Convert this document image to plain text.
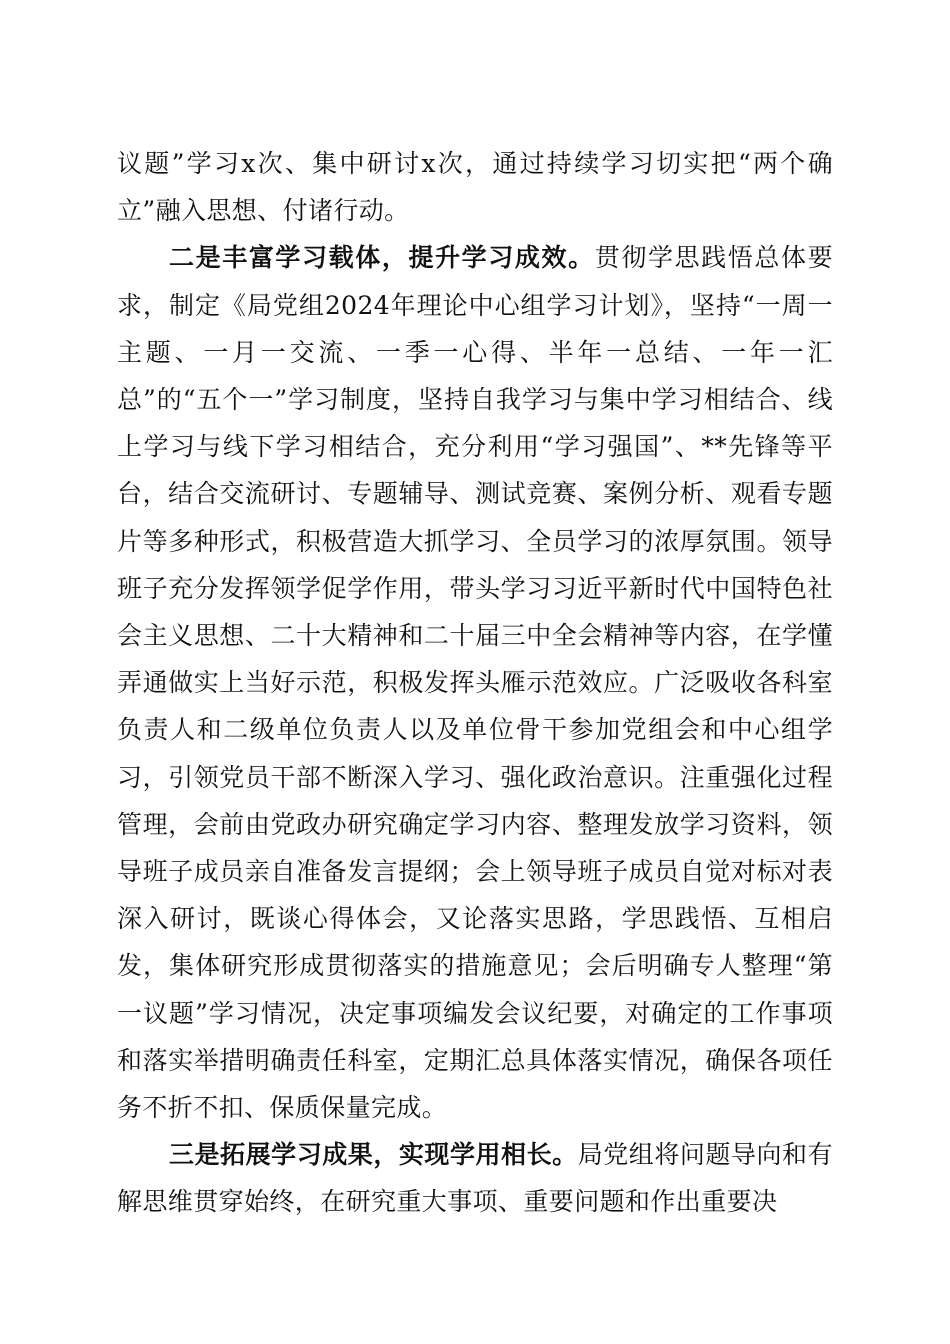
议题”学习x次、集中研讨x次，通过持续学习切实把“两个确立”融入思想、付诸行动。

二是丰富学习载体，提升学习成效。贯彻学思践悟总体要求，制定《局党组2024年理论中心组学习计划》，坚持“一周一主题、一月一交流、一季一心得、半年一总结、一年一汇总”的“五个一”学习制度，坚持自我学习与集中学习相结合、线上学习与线下学习相结合，充分利用“学习强国”、**先锋等平台，结合交流研讨、专题辅导、测试竞赛、案例分析、观看专题片等多种形式，积极营造大抓学习、全员学习的浓厚氛围。领导班子充分发挥领学促学作用，带头学习习近平新时代中国特色社会主义思想、二十大精神和二十届三中全会精神等内容，在学懂弄通做实上当好示范，积极发挥头雁示范效应。广泛吸收各科室负责人和二级单位负责人以及单位骨干参加党组会和中心组学习，引领党员干部不断深入学习、强化政治意识。注重强化过程管理，会前由党政办研究确定学习内容、整理发放学习资料，领导班子成员亲自准备发言提纲；会上领导班子成员自觉对标对表深入研讨，既谈心得体会，又论落实思路，学思践悟、互相启发，集体研究形成贯彻落实的措施意见；会后明确专人整理“第一议题”学习情况，决定事项编发会议纪要，对确定的工作事项和落实举措明确责任科室，定期汇总具体落实情况，确保各项任务不折不扣、保质保量完成。

三是拓展学习成果，实现学用相长。局党组将问题导向和有解思维贯穿始终，在研究重大事项、重要问题和作出重要决
